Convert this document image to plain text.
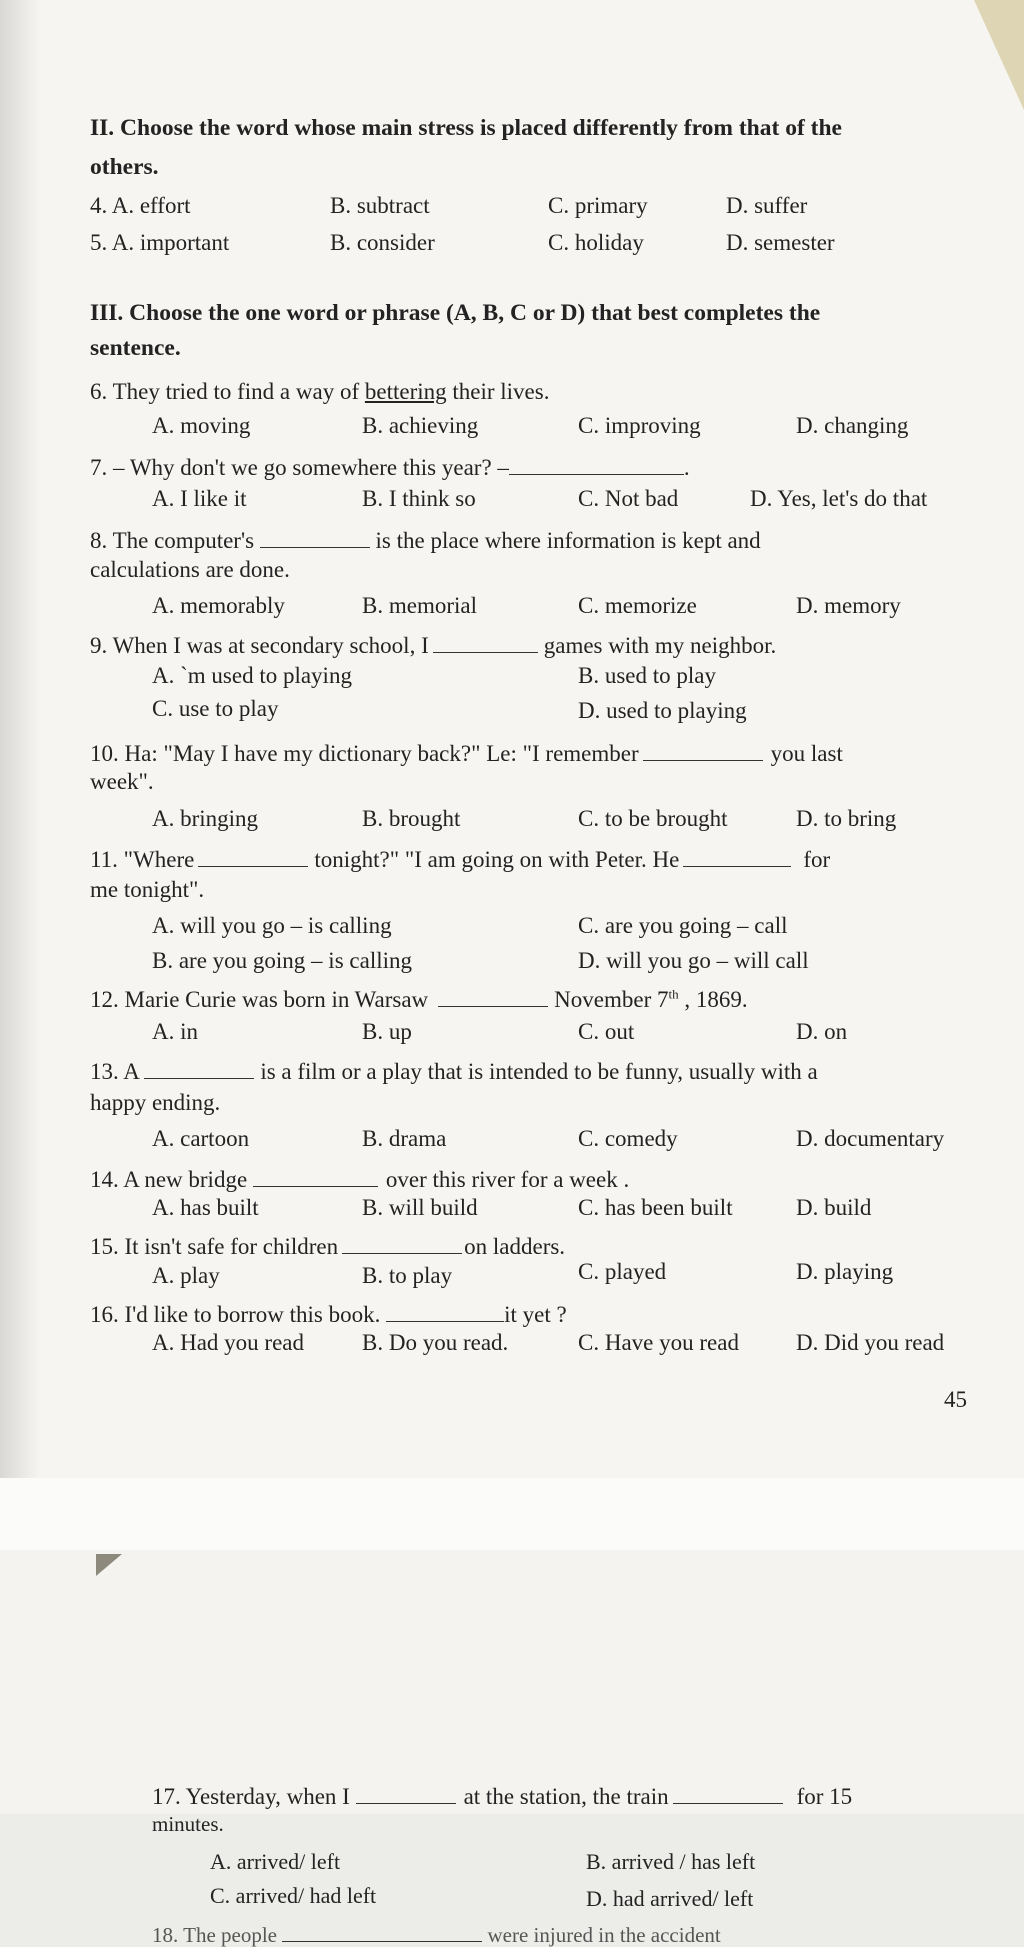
II. Choose the word whose main stress is placed differently from that of the
others.
4. A. effort	B. subtract	C. primary	D. suffer
5. A. important	B. consider	C. holiday	D. semester
III. Choose the one word or phrase (A, B, C or D) that best completes the
sentence.
6. They tried to find a way of bettering their lives.
A. moving	B. achieving	C. improving	D. changing
7. – Why don't we go somewhere this year? –	.
A. I like it	B. I think so	C. Not bad	D. Yes, let's do that
8. The computer's	is the place where information is kept and
calculations are done.
A. memorably	B. memorial	C. memorize	D. memory
9. When I was at secondary school, I	games with my neighbor.
A. `m used to playing	B. used to play
C. use to play	D. used to playing
10. Ha: "May I have my dictionary back?" Le: "I remember	you last
week".
A. bringing	B. brought	C. to be brought	D. to bring
11. "Where	tonight?" "I am going on with Peter. He	for
me tonight".
A. will you go – is calling	C. are you going – call
B. are you going – is calling	D. will you go – will call
12. Marie Curie was born in Warsaw	November 7th , 1869.
A. in	B. up	C. out	D. on
13. A	is a film or a play that is intended to be funny, usually with a
happy ending.
A. cartoon	B. drama	C. comedy	D. documentary
14. A new bridge	over this river for a week .
A. has built	B. will build	C. has been built	D. build
15. It isn't safe for children	on ladders.
A. play	B. to play	C. played	D. playing
16. I'd like to borrow this book.	it yet ?
A. Had you read	B. Do you read.	C. Have you read D. Did you read
45
17. Yesterday, when I	at the station, the train	for 15
minutes.
A. arrived/ left	B. arrived / has left
C. arrived/ had left	D. had arrived/ left
18. The people	were injured in the accident
